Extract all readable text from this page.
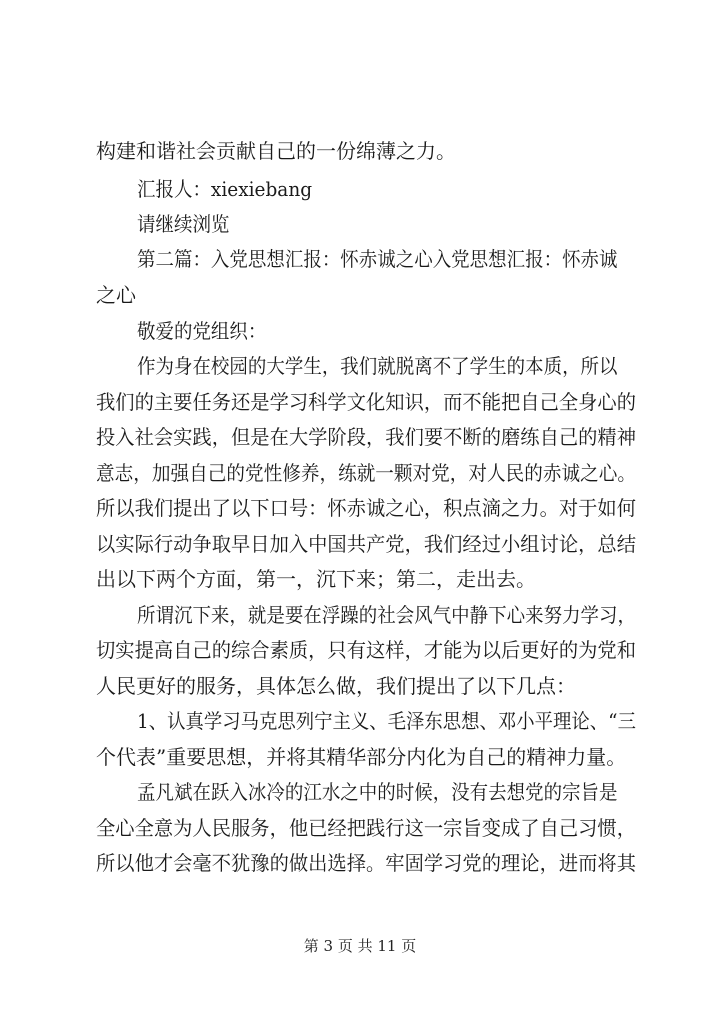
构建和谐社会贡献自己的一份绵薄之力。
汇报人：xiexiebang
请继续浏览
第二篇：入党思想汇报：怀赤诚之心入党思想汇报：怀赤诚
之心
敬爱的党组织：
作为身在校园的大学生，我们就脱离不了学生的本质，所以
我们的主要任务还是学习科学文化知识，而不能把自己全身心的
投入社会实践，但是在大学阶段，我们要不断的磨练自己的精神
意志，加强自己的党性修养，练就一颗对党，对人民的赤诚之心。
所以我们提出了以下口号：怀赤诚之心，积点滴之力。对于如何
以实际行动争取早日加入中国共产党，我们经过小组讨论，总结
出以下两个方面，第一，沉下来；第二，走出去。
所谓沉下来，就是要在浮躁的社会风气中静下心来努力学习，
切实提高自己的综合素质，只有这样，才能为以后更好的为党和
人民更好的服务，具体怎么做，我们提出了以下几点：
1、认真学习马克思列宁主义、毛泽东思想、邓小平理论、“三
个代表”重要思想，并将其精华部分内化为自己的精神力量。
孟凡斌在跃入冰冷的江水之中的时候，没有去想党的宗旨是
全心全意为人民服务，他已经把践行这一宗旨变成了自己习惯，
所以他才会毫不犹豫的做出选择。牢固学习党的理论，进而将其
第 3 页 共 11 页
